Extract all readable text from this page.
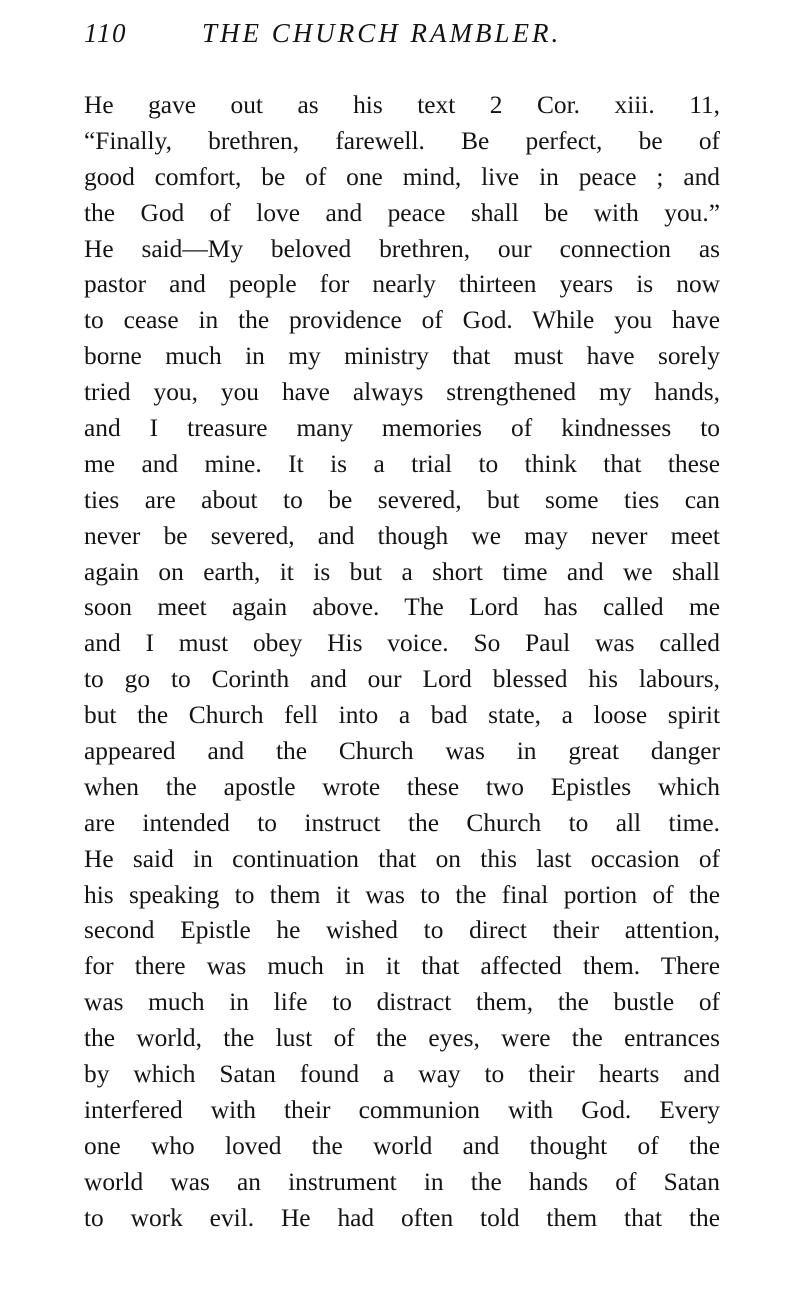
110	THE CHURCH RAMBLER.
He gave out as his text 2 Cor. xiii. 11,
“Finally, brethren, farewell. Be perfect, be of
good comfort, be of one mind, live in peace ; and
the God of love and peace shall be with you.”
He said—My beloved brethren, our connection as
pastor and people for nearly thirteen years is now
to cease in the providence of God. While you have
borne much in my ministry that must have sorely
tried you, you have always strengthened my hands,
and I treasure many memories of kindnesses to
me and mine. It is a trial to think that these
ties are about to be severed, but some ties can
never be severed, and though we may never meet
again on earth, it is but a short time and we shall
soon meet again above. The Lord has called me
and I must obey His voice. So Paul was called
to go to Corinth and our Lord blessed his labours,
but the Church fell into a bad state, a loose spirit
appeared and the Church was in great danger
when the apostle wrote these two Epistles which
are intended to instruct the Church to all time.
He said in continuation that on this last occasion of
his speaking to them it was to the final portion of the
second Epistle he wished to direct their attention,
for there was much in it that affected them. There
was much in life to distract them, the bustle of
the world, the lust of the eyes, were the entrances
by which Satan found a way to their hearts and
interfered with their communion with God. Every
one who loved the world and thought of the
world was an instrument in the hands of Satan
to work evil. He had often told them that the
